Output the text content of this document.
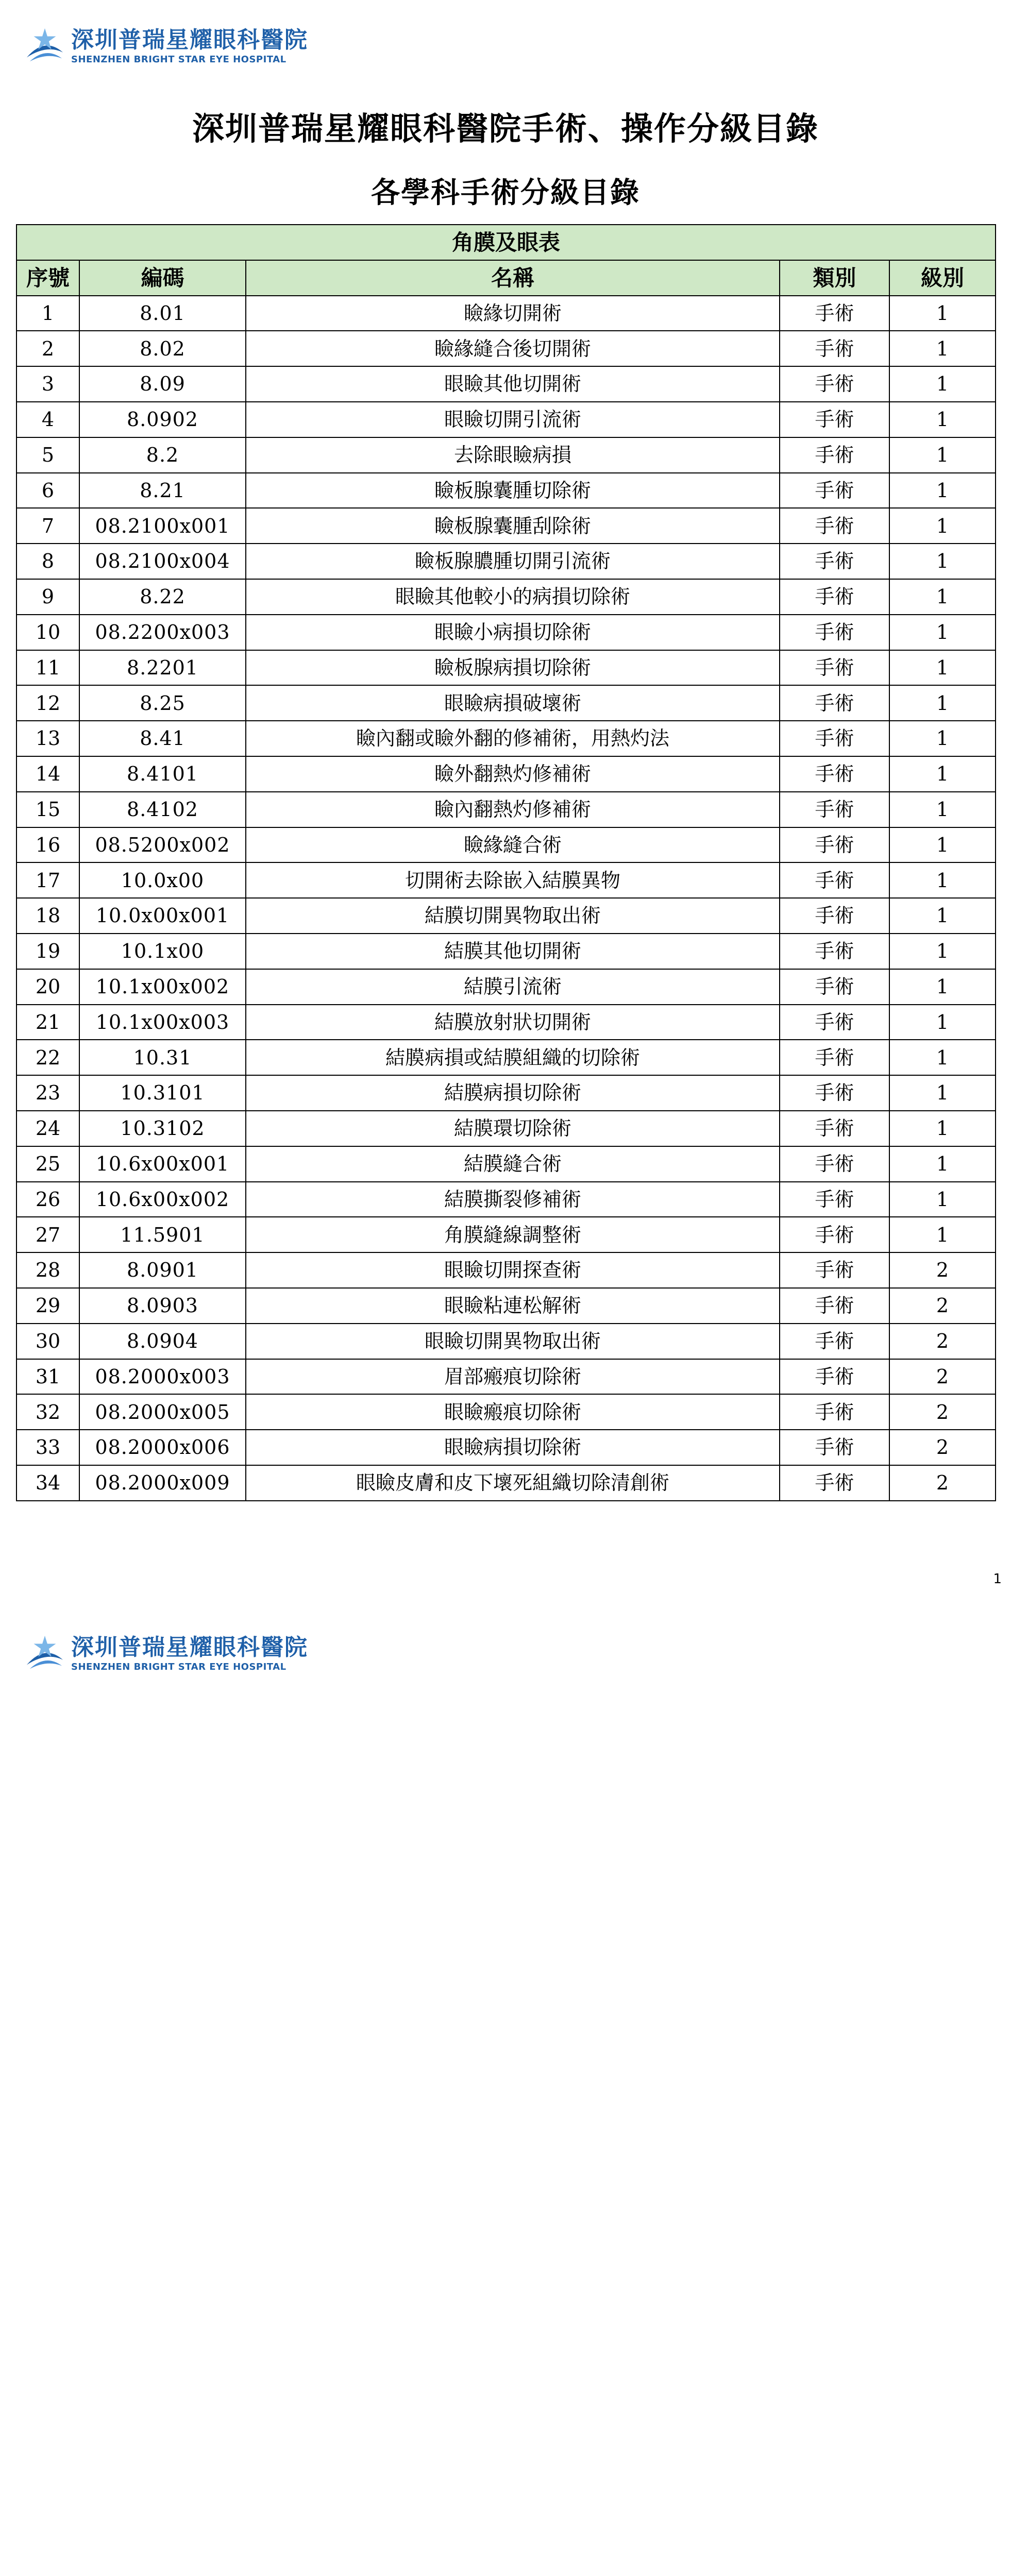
深圳普瑞星耀眼科醫院
SHENZHEN BRIGHT STAR EYE HOSPITAL
深圳普瑞星耀眼科醫院手術、操作分級目錄
各學科手術分級目錄
角膜及眼表				
序號	編碼	名稱	類別	級別
1	8.01	瞼緣切開術	手術	1
2	8.02	瞼緣縫合後切開術	手術	1
3	8.09	眼瞼其他切開術	手術	1
4	8.0902	眼瞼切開引流術	手術	1
5	8.2	去除眼瞼病損	手術	1
6	8.21	瞼板腺囊腫切除術	手術	1
7	08.2100x001	瞼板腺囊腫刮除術	手術	1
8	08.2100x004	瞼板腺膿腫切開引流術	手術	1
9	8.22	眼瞼其他較小的病損切除術	手術	1
10	08.2200x003	眼瞼小病損切除術	手術	1
11	8.2201	瞼板腺病損切除術	手術	1
12	8.25	眼瞼病損破壞術	手術	1
13	8.41	瞼內翻或瞼外翻的修補術，用熱灼法	手術	1
14	8.4101	瞼外翻熱灼修補術	手術	1
15	8.4102	瞼內翻熱灼修補術	手術	1
16	08.5200x002	瞼緣縫合術	手術	1
17	10.0x00	切開術去除嵌入結膜異物	手術	1
18	10.0x00x001	結膜切開異物取出術	手術	1
19	10.1x00	結膜其他切開術	手術	1
20	10.1x00x002	結膜引流術	手術	1
21	10.1x00x003	結膜放射狀切開術	手術	1
22	10.31	結膜病損或結膜組織的切除術	手術	1
23	10.3101	結膜病損切除術	手術	1
24	10.3102	結膜環切除術	手術	1
25	10.6x00x001	結膜縫合術	手術	1
26	10.6x00x002	結膜撕裂修補術	手術	1
27	11.5901	角膜縫線調整術	手術	1
28	8.0901	眼瞼切開探查術	手術	2
29	8.0903	眼瞼粘連松解術	手術	2
30	8.0904	眼瞼切開異物取出術	手術	2
31	08.2000x003	眉部瘢痕切除術	手術	2
32	08.2000x005	眼瞼瘢痕切除術	手術	2
33	08.2000x006	眼瞼病損切除術	手術	2
34	08.2000x009	眼瞼皮膚和皮下壞死組織切除清創術	手術	2
1
深圳普瑞星耀眼科醫院
SHENZHEN BRIGHT STAR EYE HOSPITAL
